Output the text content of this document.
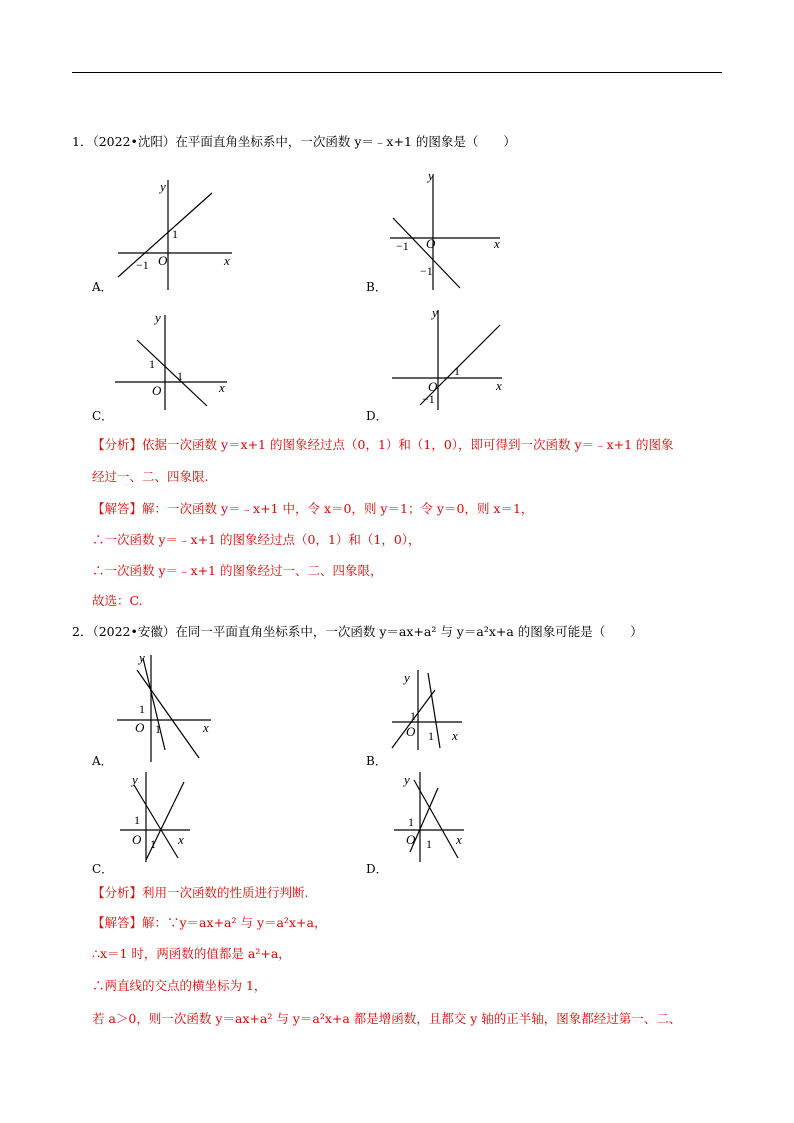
1．（2022•沈阳）在平面直角坐标系中，一次函数 y＝﹣x+1 的图象是（　　）
y
x
O
1
−1
A．
y
x
O
−1
−1
B．
y
x
O
1
1
C．
y
x
O
1
−1
D．
【分析】依据一次函数 y＝x+1 的图象经过点（0，1）和（1，0），即可得到一次函数 y＝﹣x+1 的图象
经过一、二、四象限.
【解答】解：一次函数 y＝﹣x+1 中，令 x＝0，则 y＝1；令 y＝0，则 x＝1，
∴一次函数 y＝﹣x+1 的图象经过点（0，1）和（1，0），
∴一次函数 y＝﹣x+1 的图象经过一、二、四象限，
故选：C.
2．（2022•安徽）在同一平面直角坐标系中，一次函数 y＝ax+a² 与 y＝a²x+a 的图象可能是（　　）
y
x
O
1
1
A．
y
x
O
1
1
B．
y
x
O
1
1
C．
y
x
O
1
1
D．
【分析】利用一次函数的性质进行判断.
【解答】解：∵y＝ax+a² 与 y＝a²x+a，
∴x＝1 时，两函数的值都是 a²+a，
∴两直线的交点的横坐标为 1，
若 a＞0，则一次函数 y＝ax+a² 与 y＝a²x+a 都是增函数，且都交 y 轴的正半轴，图象都经过第一、二、
